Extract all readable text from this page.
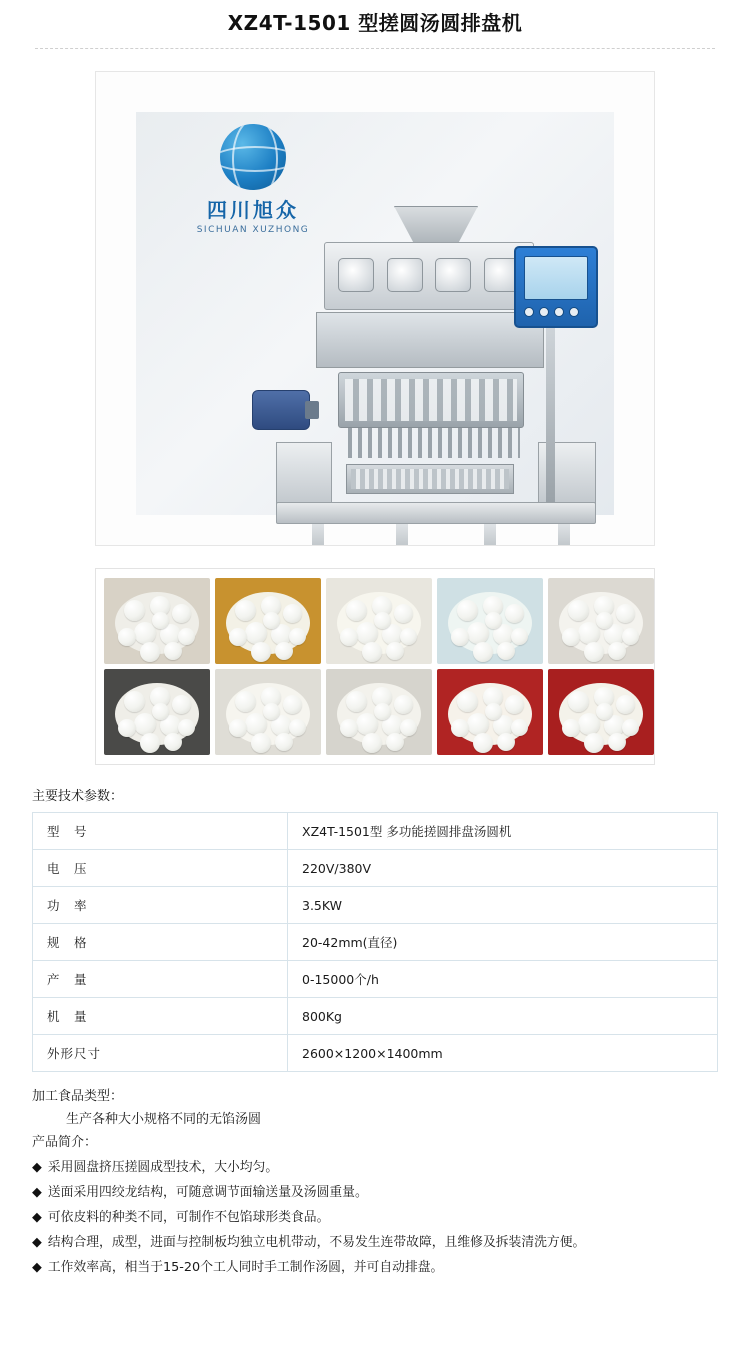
XZ4T-1501 型搓圆汤圆排盘机
四川旭众
SICHUAN XUZHONG
主要技术参数：
型　号	XZ4T-1501型 多功能搓圆排盘汤圆机
电　压	220V/380V
功　率	3.5KW
规　格	20-42mm(直径)
产　量	0-15000个/h
机　量	800Kg
外形尺寸	2600×1200×1400mm
加工食品类型：
生产各种大小规格不同的无馅汤圆
产品简介：
◆ 采用圆盘挤压搓圆成型技术，大小均匀。
◆ 送面采用四绞龙结构，可随意调节面输送量及汤圆重量。
◆ 可依皮料的种类不同，可制作不包馅球形类食品。
◆ 结构合理，成型，进面与控制板均独立电机带动，不易发生连带故障，且维修及拆装清洗方便。
◆ 工作效率高，相当于15-20个工人同时手工制作汤圆，并可自动排盘。
